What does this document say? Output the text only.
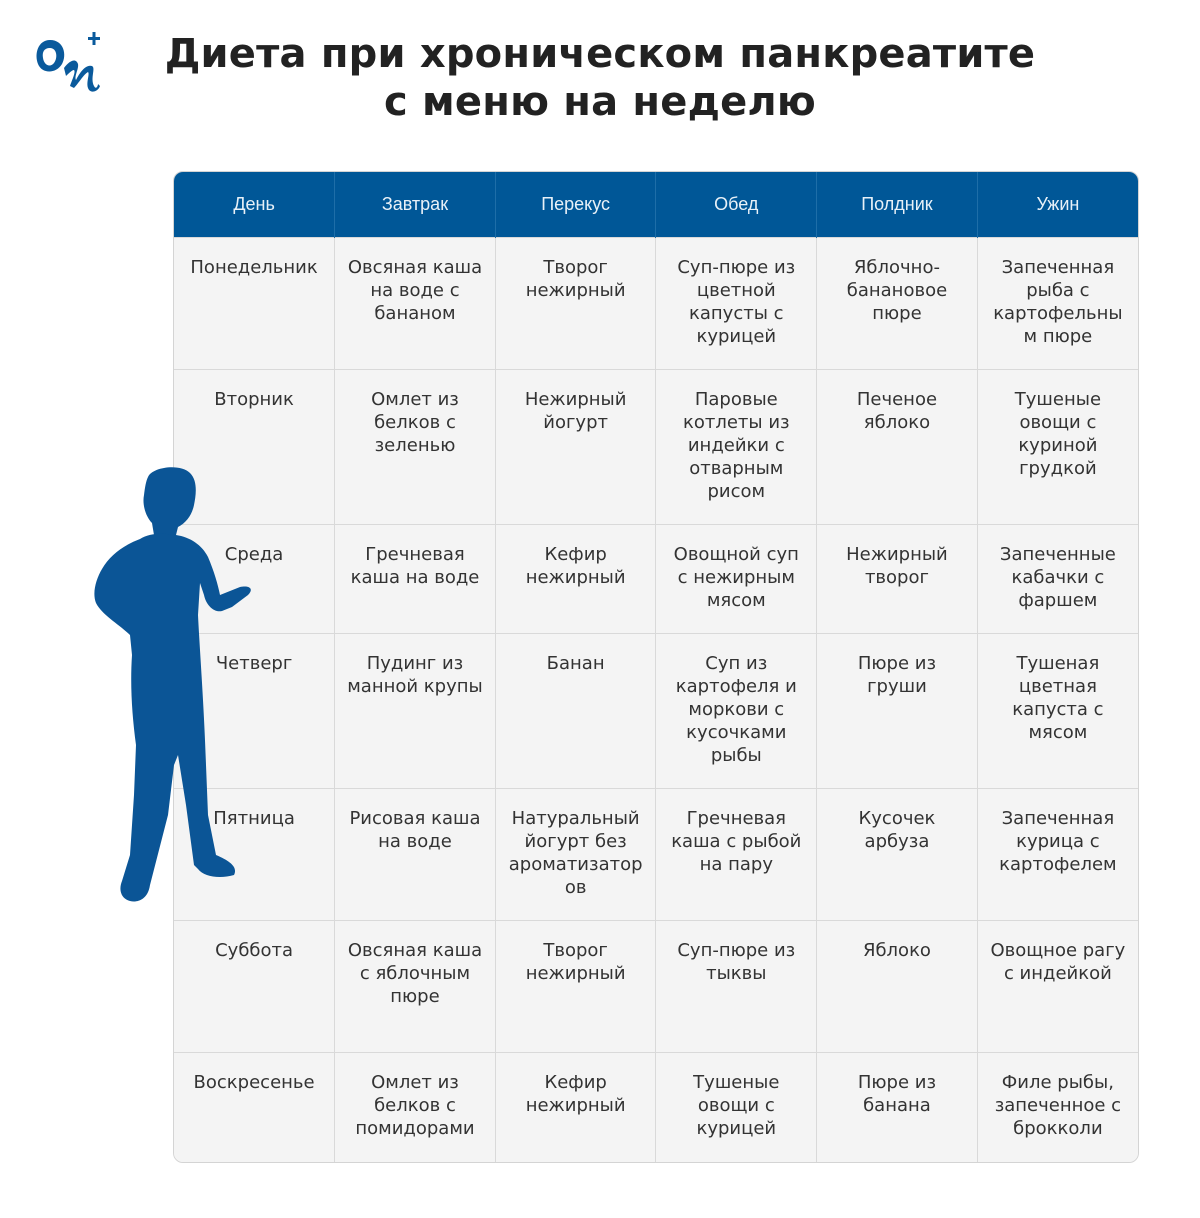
Диета при хроническом панкреатите с меню на неделю
День	Завтрак	Перекус	Обед	Полдник	Ужин
Понедельник	Овсяная каша на воде с бананом	Творог нежирный	Суп-пюре из цветной капусты с курицей	Яблочно-банановое пюре	Запеченная рыба с картофельным пюре
Вторник	Омлет из белков с зеленью	Нежирный йогурт	Паровые котлеты из индейки с отварным рисом	Печеное яблоко	Тушеные овощи с куриной грудкой
Среда	Гречневая каша на воде	Кефир нежирный	Овощной суп с нежирным мясом	Нежирный творог	Запеченные кабачки с фаршем
Четверг	Пудинг из манной крупы	Банан	Суп из картофеля и моркови с кусочками рыбы	Пюре из груши	Тушеная цветная капуста с мясом
Пятница	Рисовая каша на воде	Натуральный йогурт без ароматизаторов	Гречневая каша с рыбой на пару	Кусочек арбуза	Запеченная курица с картофелем
Суббота	Овсяная каша с яблочным пюре	Творог нежирный	Суп-пюре из тыквы	Яблоко	Овощное рагу с индейкой
Воскресенье	Омлет из белков с помидорами	Кефир нежирный	Тушеные овощи с курицей	Пюре из банана	Филе рыбы, запеченное с брокколи
